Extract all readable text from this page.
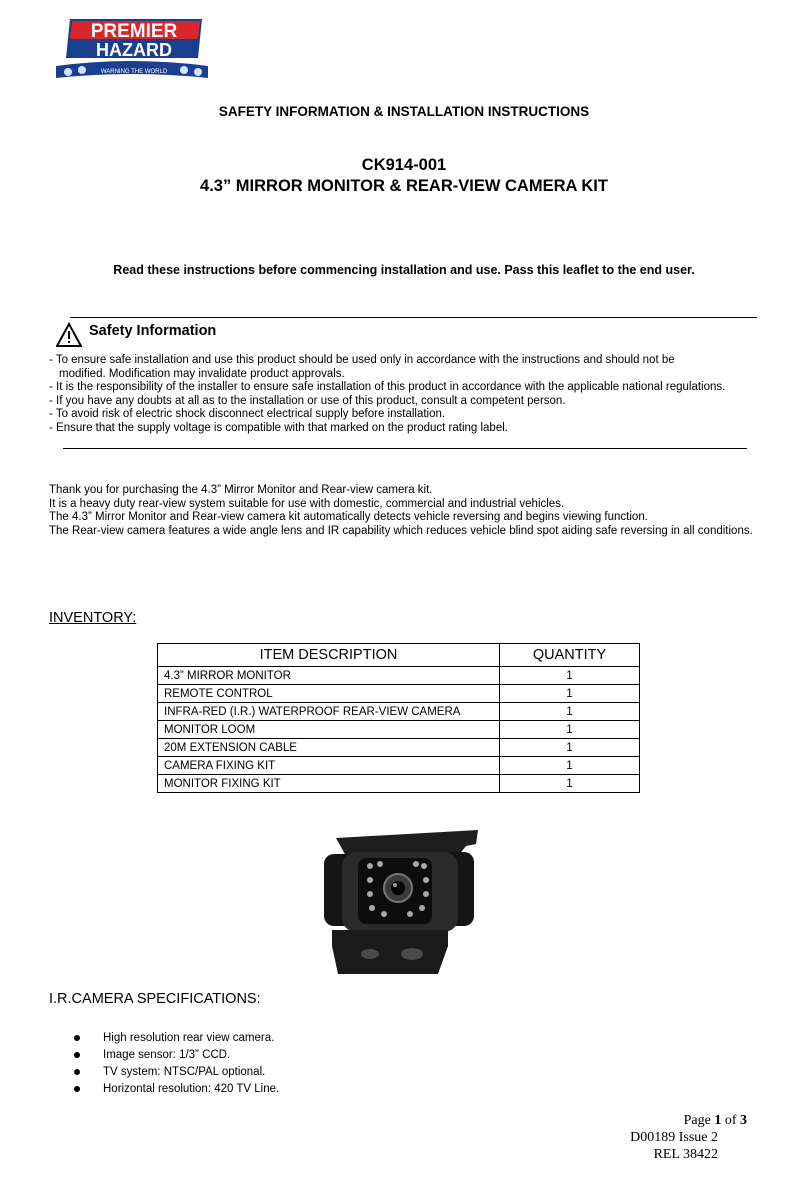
PREMIER
HAZARD
WARNING THE WORLD
SAFETY INFORMATION & INSTALLATION INSTRUCTIONS
CK914-001
4.3” MIRROR MONITOR & REAR-VIEW CAMERA KIT
Read these instructions before commencing installation and use. Pass this leaflet to the end user.
Safety Information
- To ensure safe installation and use this product should be used only in accordance with the instructions and should not be
modified. Modification may invalidate product approvals.
- It is the responsibility of the installer to ensure safe installation of this product in accordance with the applicable national regulations.
- If you have any doubts at all as to the installation or use of this product, consult a competent person.
- To avoid risk of electric shock disconnect electrical supply before installation.
- Ensure that the supply voltage is compatible with that marked on the product rating label.
Thank you for purchasing the 4.3” Mirror Monitor and Rear-view camera kit.
It is a heavy duty rear-view system suitable for use with domestic, commercial and industrial vehicles.
The 4.3” Mirror Monitor and Rear-view camera kit automatically detects vehicle reversing and begins viewing function.
The Rear-view camera features a wide angle lens and IR capability which reduces vehicle blind spot aiding safe reversing in all conditions.
INVENTORY:
ITEM DESCRIPTION	QUANTITY
4.3” MIRROR MONITOR	1
REMOTE CONTROL	1
INFRA-RED (I.R.) WATERPROOF REAR-VIEW CAMERA	1
MONITOR LOOM	1
20M EXTENSION CABLE	1
CAMERA FIXING KIT	1
MONITOR FIXING KIT	1
I.R.CAMERA SPECIFICATIONS:
High resolution rear view camera.
Image sensor: 1/3” CCD.
TV system: NTSC/PAL optional.
Horizontal resolution: 420 TV Line.
Page 1 of 3
D00189 Issue 2
REL 38422
